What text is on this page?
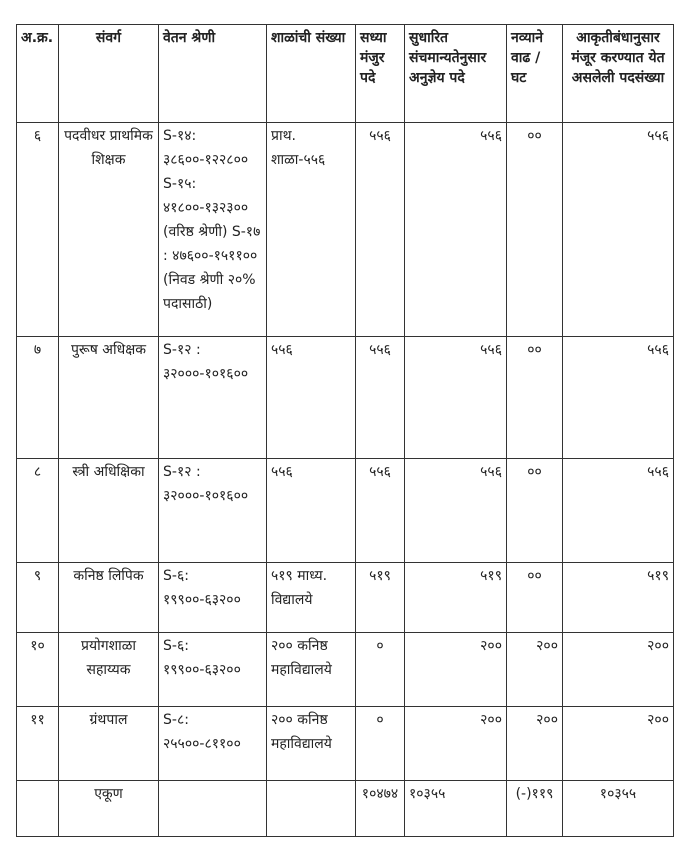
अ.क्र.	संवर्ग	वेतन श्रेणी	शाळांची संख्या	सध्या मंजुर पदे	सुधारित संचमान्यतेनुसार अनुज्ञेय पदे	नव्याने वाढ / घट	आकृतीबंधानुसार मंजूर करण्यात येत असलेली पदसंख्या
६	पदवीधर प्राथमिक शिक्षक	S-१४: ३८६००-१२२८०० S-१५: ४१८००-१३२३०० (वरिष्ठ श्रेणी) S-१७ : ४७६००-१५११०० (निवड श्रेणी २०% पदासाठी)	प्राथ. शाळा-५५६	५५६	५५६	००	५५६
७	पुरूष अधिक्षक	S-१२ : ३२०००-१०१६००	५५६	५५६	५५६	००	५५६
८	स्त्री अधिक्षिका	S-१२ : ३२०००-१०१६००	५५६	५५६	५५६	००	५५६
९	कनिष्ठ लिपिक	S-६: १९९००-६३२००	५१९ माध्य. विद्यालये	५१९	५१९	००	५१९
१०	प्रयोगशाळा सहाय्यक	S-६: १९९००-६३२००	२०० कनिष्ठ महाविद्यालये	०	२००	२००	२००
११	ग्रंथपाल	S-८: २५५००-८११००	२०० कनिष्ठ महाविद्यालये	०	२००	२००	२००
	एकूण			१०४७४	१०३५५	(-)११९	१०३५५
